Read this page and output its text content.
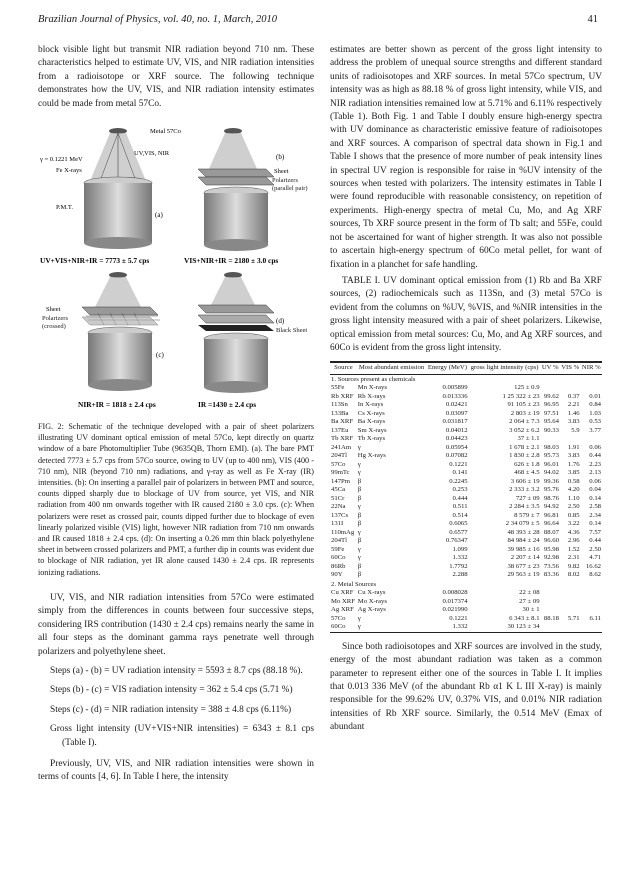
Brazilian Journal of Physics, vol. 40, no. 1, March, 2010	41

block visible light but transmit NIR radiation beyond 710 nm. These characteristics helped to estimate UV, VIS, and NIR radiation intensities from a radioisotope or XRF source. The following technique demonstrates how the UV, VIS, and NIR radiation intensity estimates could be made from metal 57Co.

Metal 57Co
γ = 0.1221 MeV
Fe X-rays
P.M.T.
UV,VIS, NIR
(a)
(b)
Sheet
Polarizers (parallel pair)
UV+VIS+NIR+IR = 7773 ± 5.7 cps	VIS+NIR+IR = 2180 ± 3.0 cps
Sheet
Polarizers (crossed)
(c)
(d)
Black Sheet
NIR+IR = 1818 ± 2.4 cps	IR =1430 ± 2.4 cps

FIG. 2: Schematic of the technique developed with a pair of sheet polarizers illustrating UV dominant optical emission of metal 57Co, kept directly on quartz window of a bare Photomultiplier Tube (9635QB, Thorn EMI). (a). The bare PMT detected 7773 ± 5.7 cps from 57Co source, owing to UV (up to 400 nm), VIS (400 - 710 nm), NIR (beyond 710 nm) radiations, and γ-ray as well as Fe X-ray (IR) intensities. (b): On inserting a parallel pair of polarizers in between PMT and source, counts dipped sharply due to blockage of UV from source, yet VIS, and NIR radiation from 400 nm onwards together with IR caused 2180 ± 3.0 cps. (c): When polarizers were reset as crossed pair, counts dipped further due to blockage of even linearly polarized visible (VIS) light, however NIR radiation from 710 nm onwards and IR caused 1818 ± 2.4 cps. (d): On inserting a 0.26 mm thin black polyethylene sheet in between crossed polarizers and PMT, a further dip in counts was evident due to blockage of NIR radiation, yet IR alone caused 1430 ± 2.4 cps. IR represents ionizing radiations.

UV, VIS, and NIR radiation intensities from 57Co were estimated simply from the differences in counts between four successive steps, considering IRS contribution (1430 ± 2.4 cps) remains nearly the same in all four steps as the dominant gamma rays penetrate well through polarizers and polyethylene sheet.

Steps (a) - (b) = UV radiation intensity = 5593 ± 8.7 cps (88.18 %).

Steps (b) - (c) = VIS radiation intensity = 362 ± 5.4 cps (5.71 %)

Steps (c) - (d) = NIR radiation intensity = 388 ± 4.8 cps (6.11%)

Gross light intensity (UV+VIS+NIR intensities) = 6343 ± 8.1 cps (Table I).

Previously, UV, VIS, and NIR radiation intensities were shown in terms of counts [4, 6]. In Table I here, the intensity

estimates are better shown as percent of the gross light intensity to address the problem of unequal source strengths and different standard units of radioisotopes and XRF sources. In metal 57Co spectrum, UV intensity was as high as 88.18 % of gross light intensity, while VIS, and NIR radiation intensities remained low at 5.71% and 6.11% respectively (Table 1). Both Fig. 1 and Table I doubly ensure high-energy spectra with UV dominance as characteristic emissive feature of radioisotopes and XRF sources. A comparison of spectral data shown in Fig.1 and Table I shows that the presence of more number of peak intensity lines in spectral UV region is responsible for raise in %UV intensity of the sources when tested with polarizers. The intensity estimates in Table I were found reproducible with reasonable consistency, on repetition of experiments. High-energy spectra of metal Cu, Mo, and Ag XRF sources, Tb XRF source present in the form of Tb salt; and 55Fe, could not be ascertained for want of higher strength. It was also not possible to ascertain high-energy spectrum of 60Co metal pellet, for want of fixation in a planchet for safe handling.

TABLE I. UV dominant optical emission from (1) Rb and Ba XRF sources, (2) radiochemicals such as 113Sn, and (3) metal 57Co is evident from the columns on %UV, %VIS, and %NIR intensities in the gross light intensity measured with a pair of sheet polarizers. Likewise, optical emission from metal sources: Cu, Mo, and Ag XRF sources, and 60Co is evident from the gross light intensity.

Source	Most abundant emission	Energy (MeV)	gross light intensity (cps)	UV %	VIS %	NIR %
1. Sources present as chemicals						
55Fe	Mn X-rays	0.005899	125 ± 0.9			
Rb XRF	Rb X-rays	0.013336	1 25 322 ± 23	99.62	0.37	0.01
113Sn	In X-rays	0.02421	91 105 ± 23	96.95	2.21	0.84
133Ba	Cs X-rays	0.03097	2 803 ± 19	97.51	1.46	1.03
Ba XRF	Ba X-rays	0.031817	2 064 ± 7.3	95.64	3.83	0.53
137Eu	Sm X-rays	0.04012	3 052 ± 6.2	90.33	5.9	3.77
Tb XRF	Tb X-rays	0.04423	37 ± 1.1			
241Am	γ	0.05954	1 678 ± 2.1	98.03	1.91	0.06
204Tl	Hg X-rays	0.07082	1 830 ± 2.8	95.73	3.83	0.44
57Co	γ	0.1221	626 ± 1.8	96.01	1.76	2.23
99mTc	γ	0.141	468 ± 4.5	94.02	3.85	2.13
147Pm	β	0.2245	3 606 ± 19	99.36	0.58	0.06
45Ca	β	0.253	2 333 ± 3.2	95.76	4.20	0.04
51Cr	β	0.444	727 ± 09	98.76	1.10	0.14
22Na	γ	0.511	2 284 ± 3.5	94.92	2.50	2.58
137Cs	β	0.514	8 579 ± 7	96.81	0.85	2.34
131I	β	0.6065	2 34 079 ± 5	96.64	3.22	0.14
110mAg	γ	0.6577	48 393 ± 28	88.07	4.36	7.57
204Tl	β	0.76347	84 984 ± 24	96.60	2.96	0.44
59Fe	γ	1.099	39 985 ± 16	95.98	1.52	2.50
60Co	γ	1.332	2 207 ± 14	92.98	2.31	4.71
86Rb	β	1.7792	38 677 ± 23	73.56	9.82	16.62
90Y	β	2.288	29 563 ± 19	83.36	8.02	8.62
2. Metal Sources						
Cu XRF	Cu X-rays	0.008028	22 ± 08			
Mo XRF	Mo X-rays	0.017374	27 ± 09			
Ag XRF	Ag X-rays	0.021990	30 ± 1			
57Co	γ	0.1221	6 343 ± 8.1	88.18	5.71	6.11
60Co	γ	1.332	30 123 ± 34			

Since both radioisotopes and XRF sources are involved in the study, energy of the most abundant radiation was taken as a common parameter to represent either one of the sources in Table I. It implies that 0.013 336 MeV (of the abundant Rb α1 K L III X-ray) is mainly responsible for the 99.62% UV, 0.37% VIS, and 0.01% NIR radiation intensities of Rb XRF source. Similarly, the 0.514 MeV (Emax of abundant
